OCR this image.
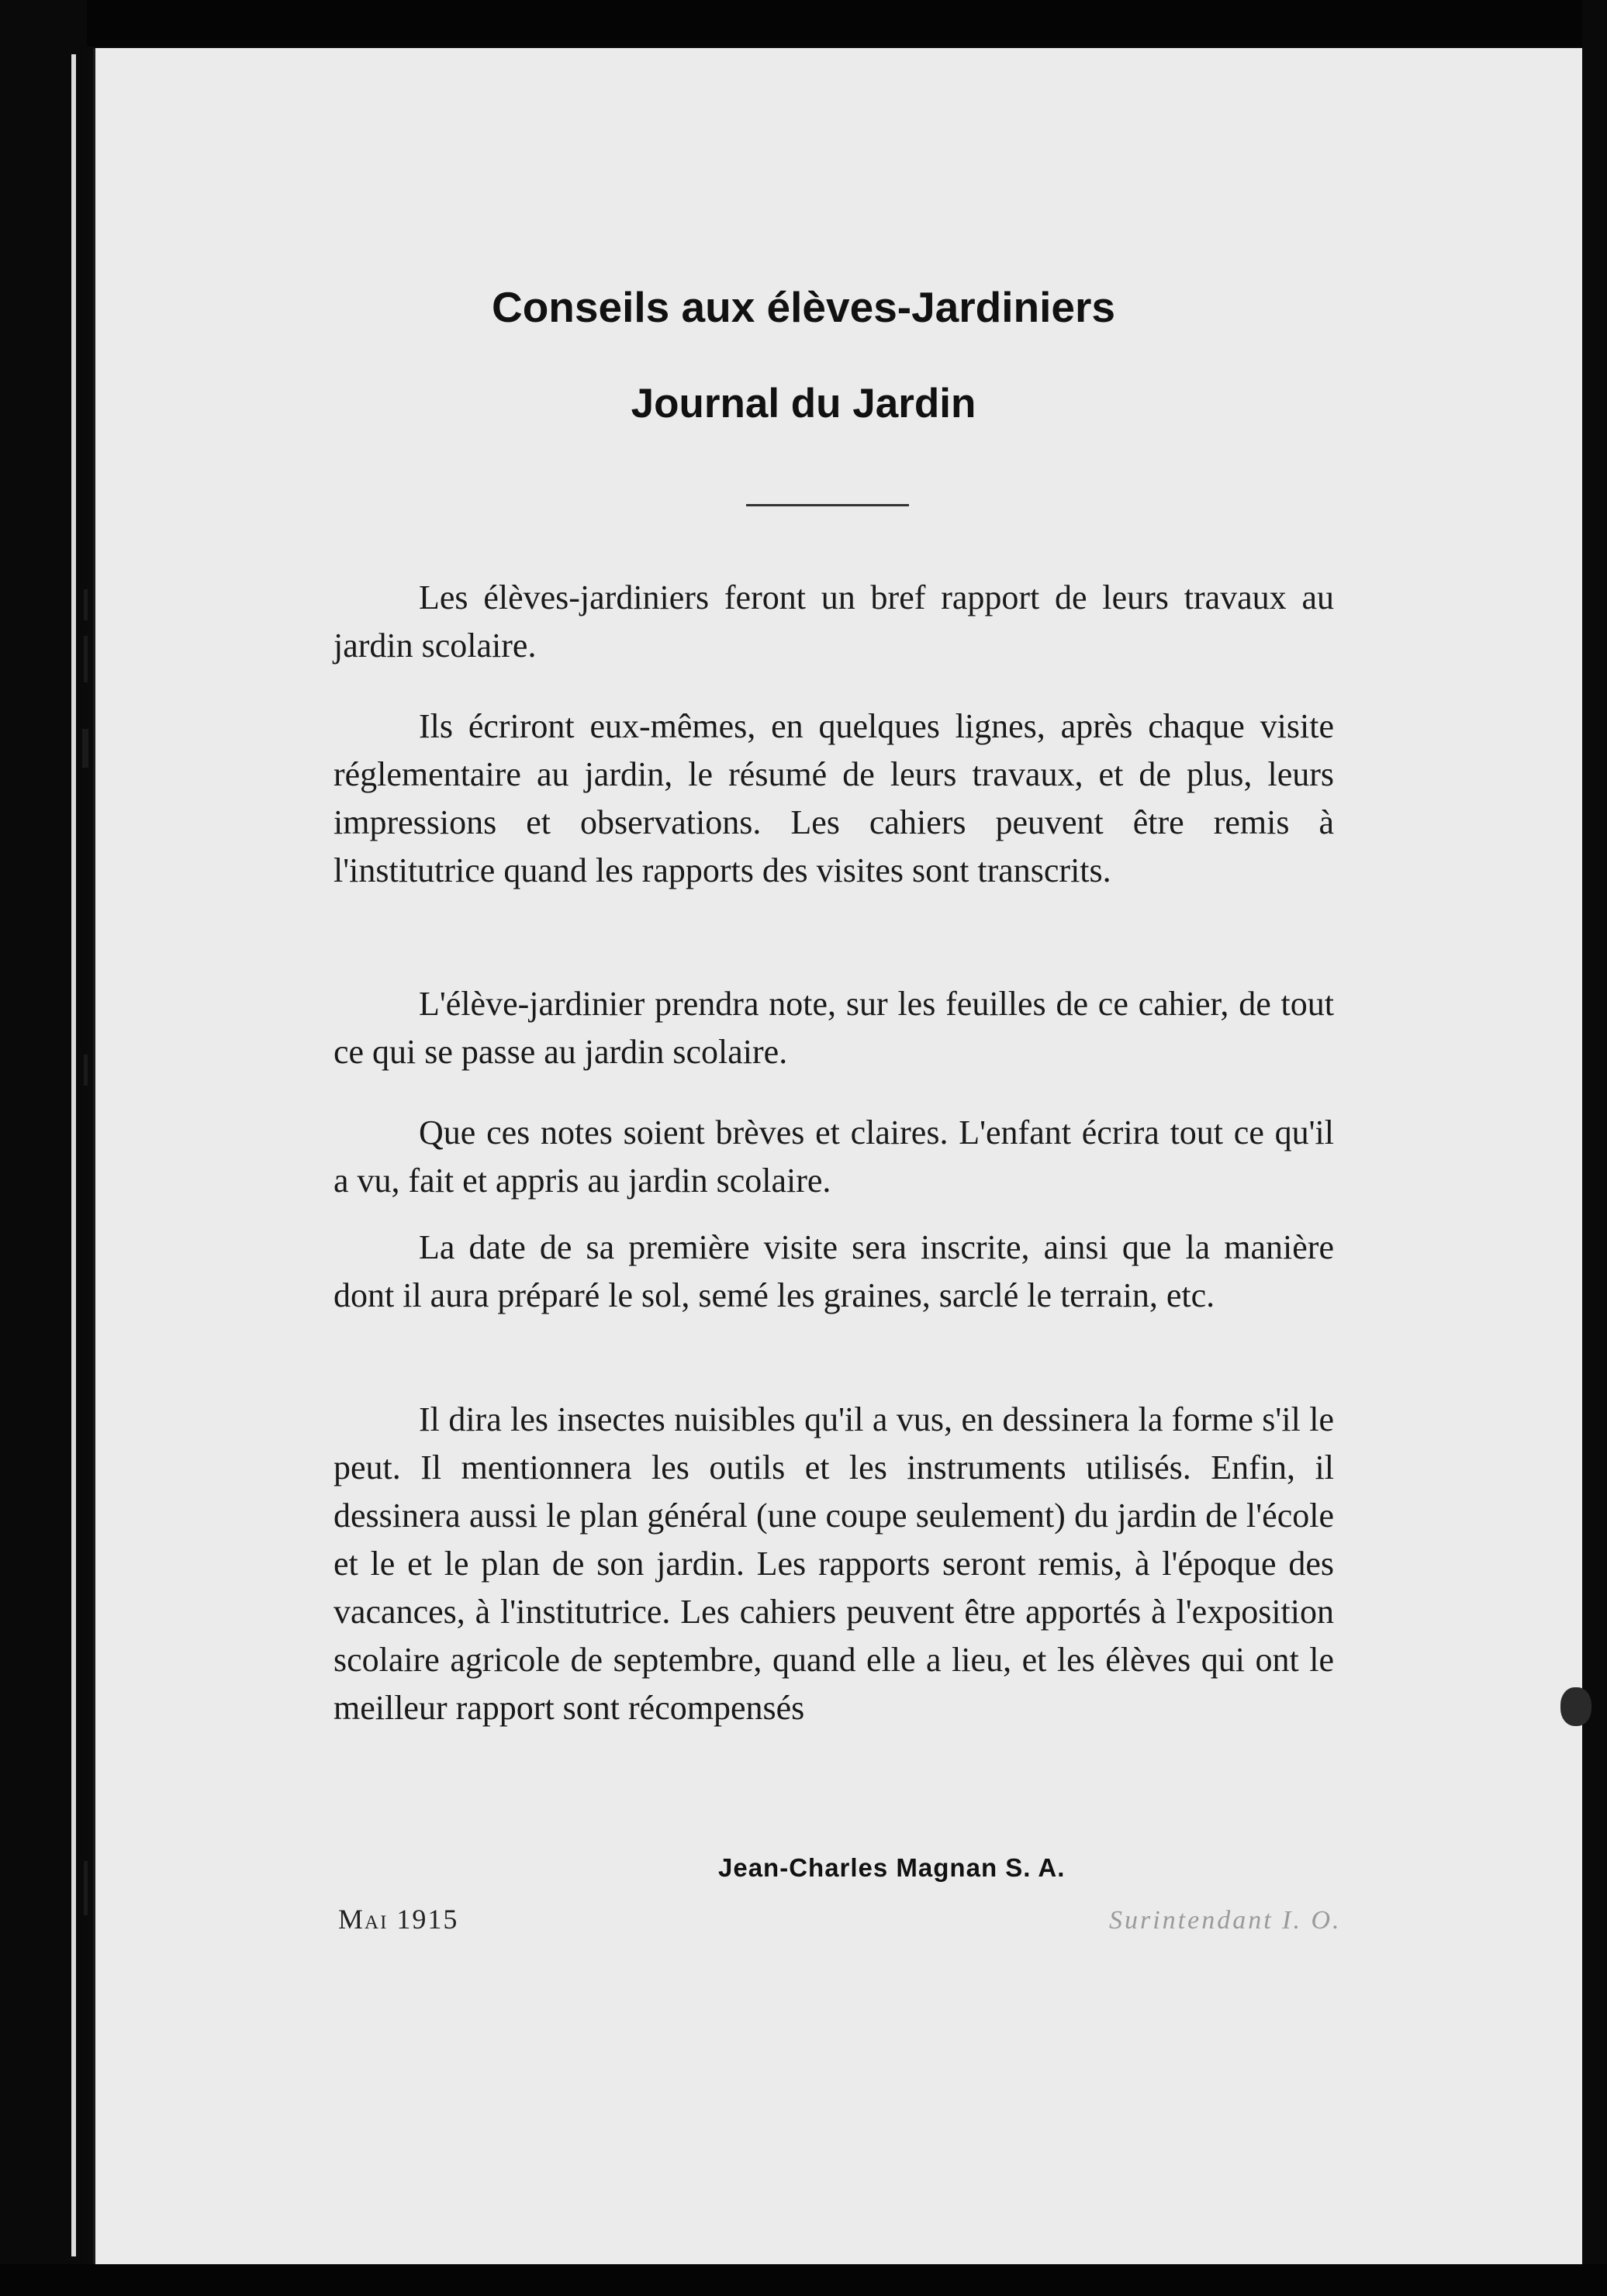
Conseils aux élèves-Jardiniers
Journal du Jardin

Les élèves-jardiniers feront un bref rapport de leurs travaux au jardin scolaire.

Ils écriront eux-mêmes, en quelques lignes, après chaque visite réglementaire au jardin, le résumé de leurs travaux, et de plus, leurs impressions et observations. Les cahiers peuvent être remis à l'institutrice quand les rapports des visites sont transcrits.

L'élève-jardinier prendra note, sur les feuilles de ce cahier, de tout ce qui se passe au jardin scolaire.

Que ces notes soient brèves et claires. L'enfant écrira tout ce qu'il a vu, fait et appris au jardin scolaire.

La date de sa première visite sera inscrite, ainsi que la manière dont il aura préparé le sol, semé les graines, sarclé le terrain, etc.

Il dira les insectes nuisibles qu'il a vus, en dessinera la forme s'il le peut. Il mentionnera les outils et les instruments utilisés. Enfin, il dessinera aussi le plan général (une coupe seulement) du jardin de l'école et le et le plan de son jardin. Les rapports seront remis, à l'époque des vacances, à l'institutrice. Les cahiers peuvent être apportés à l'exposition scolaire agricole de septembre, quand elle a lieu, et les élèves qui ont le meilleur rapport sont récompensés

Jean-Charles Magnan S. A.
Mai 1915	Surintendant I. O.
